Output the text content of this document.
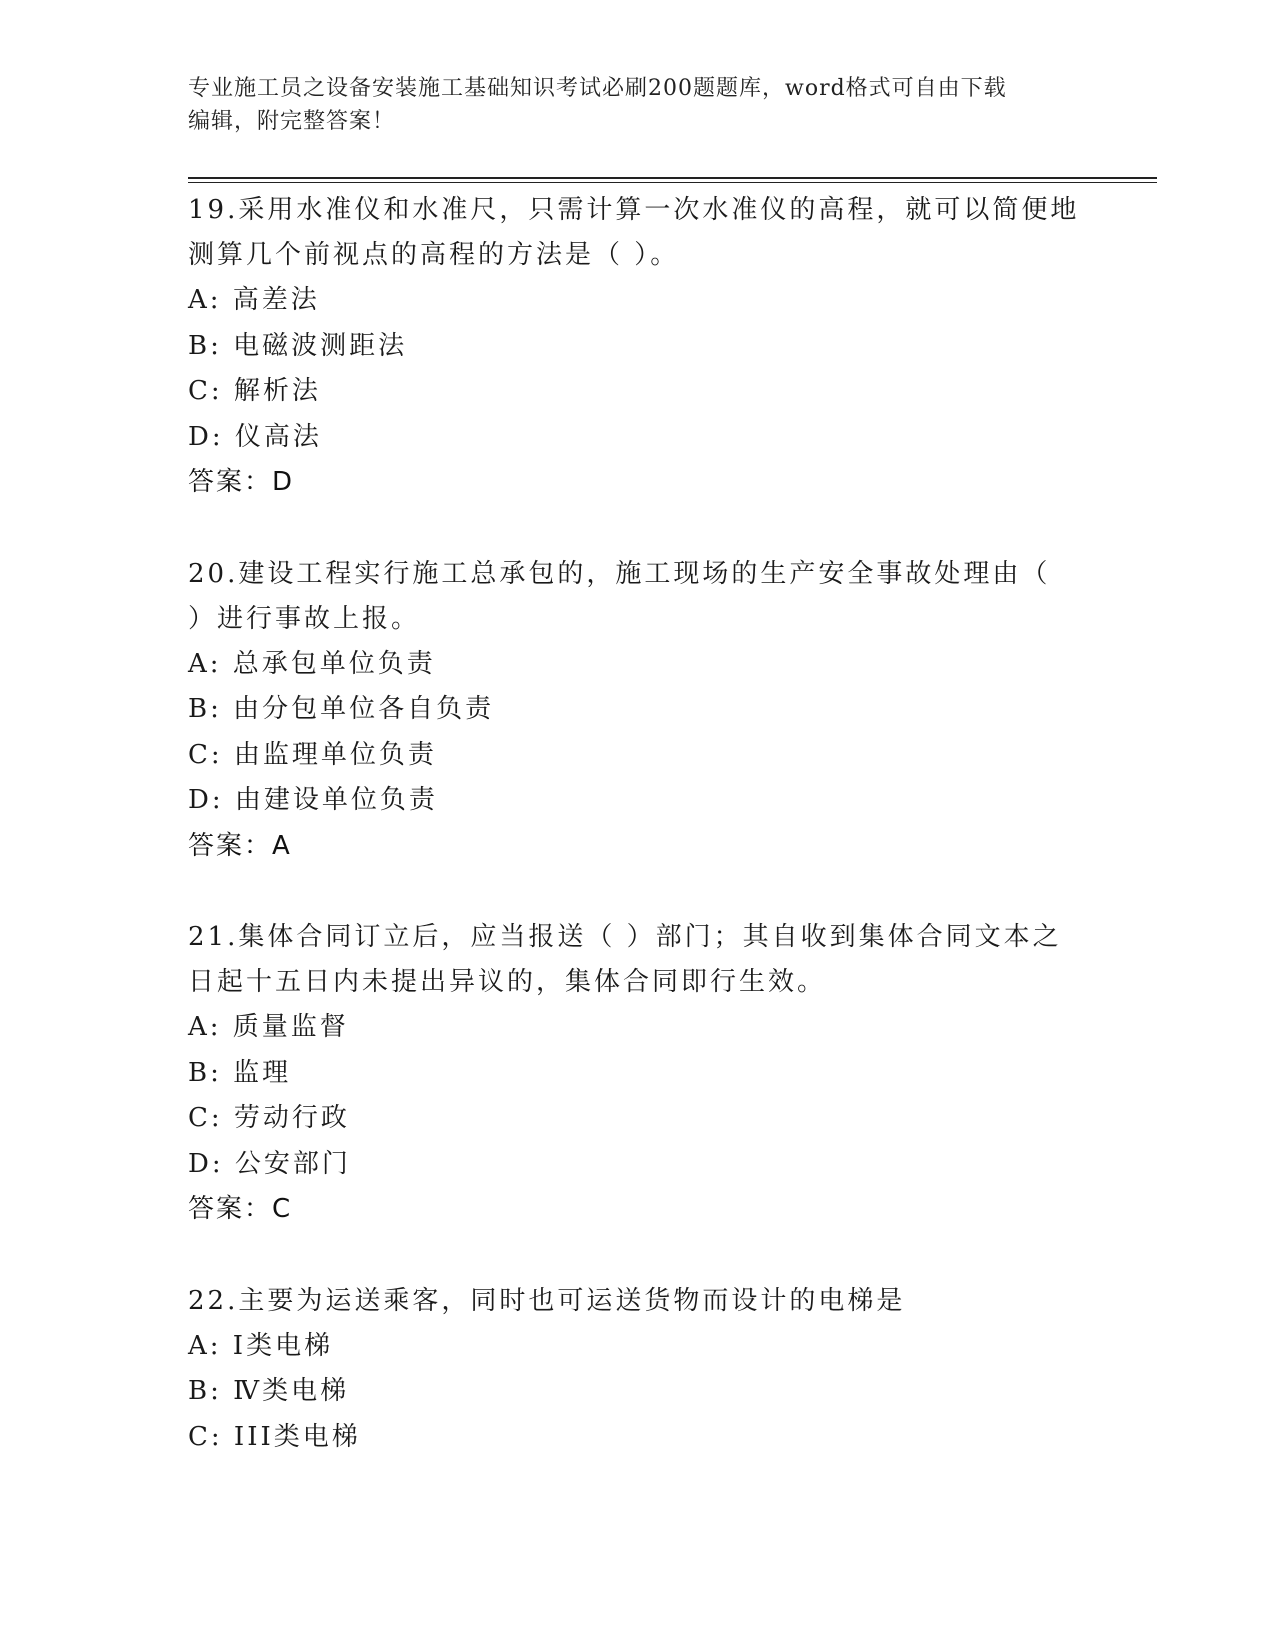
专业施工员之设备安装施工基础知识考试必刷200题题库，word格式可自由下载
编辑，附完整答案！
19.采用水准仪和水准尺，只需计算一次水准仪的高程，就可以简便地
测算几个前视点的高程的方法是（ ）。
A: 高差法
B: 电磁波测距法
C: 解析法
D: 仪高法
答案：D
20.建设工程实行施工总承包的，施工现场的生产安全事故处理由（
）进行事故上报。
A: 总承包单位负责
B: 由分包单位各自负责
C: 由监理单位负责
D: 由建设单位负责
答案：A
21.集体合同订立后，应当报送（ ）部门；其自收到集体合同文本之
日起十五日内未提出异议的，集体合同即行生效。
A: 质量监督
B: 监理
C: 劳动行政
D: 公安部门
答案：C
22.主要为运送乘客，同时也可运送货物而设计的电梯是
A: I类电梯
B: Ⅳ类电梯
C: III类电梯
